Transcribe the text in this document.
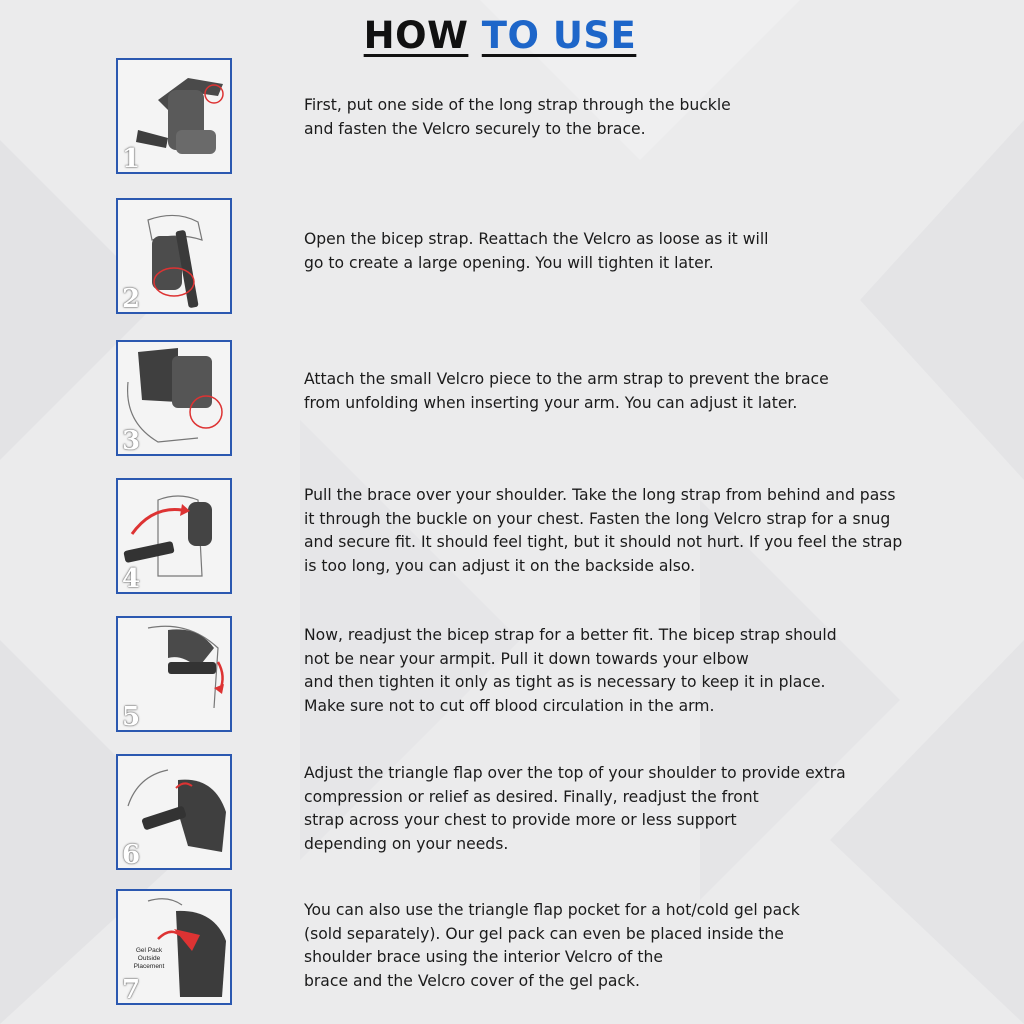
HOW TO USE
1
First, put one side of the long strap through the buckle
and fasten the Velcro securely to the brace.
2
Open the bicep strap. Reattach the Velcro as loose as it will
go to create a large opening. You will tighten it later.
3
Attach the small Velcro piece to the arm strap to prevent the brace
from unfolding when inserting your arm. You can adjust it later.
4
Pull the brace over your shoulder. Take the long strap from behind and pass
it through the buckle on your chest. Fasten the long Velcro strap for a snug
and secure fit. It should feel tight, but it should not hurt. If you feel the strap
is too long, you can adjust it on the backside also.
5
Now, readjust the bicep strap for a better fit. The bicep strap should
not be near your armpit. Pull it down towards your elbow
and then tighten it only as tight as is necessary to keep it in place.
Make sure not to cut off blood circulation in the arm.
6
Adjust the triangle flap over the top of your shoulder to provide extra
compression or relief as desired. Finally, readjust the front
strap across your chest to provide more or less support
depending on your needs.
Gel Pack
Outside Placement
7
You can also use the triangle flap pocket for a hot/cold gel pack
(sold separately). Our gel pack can even be placed inside the
shoulder brace using the interior Velcro of the
brace and the Velcro cover of the gel pack.
